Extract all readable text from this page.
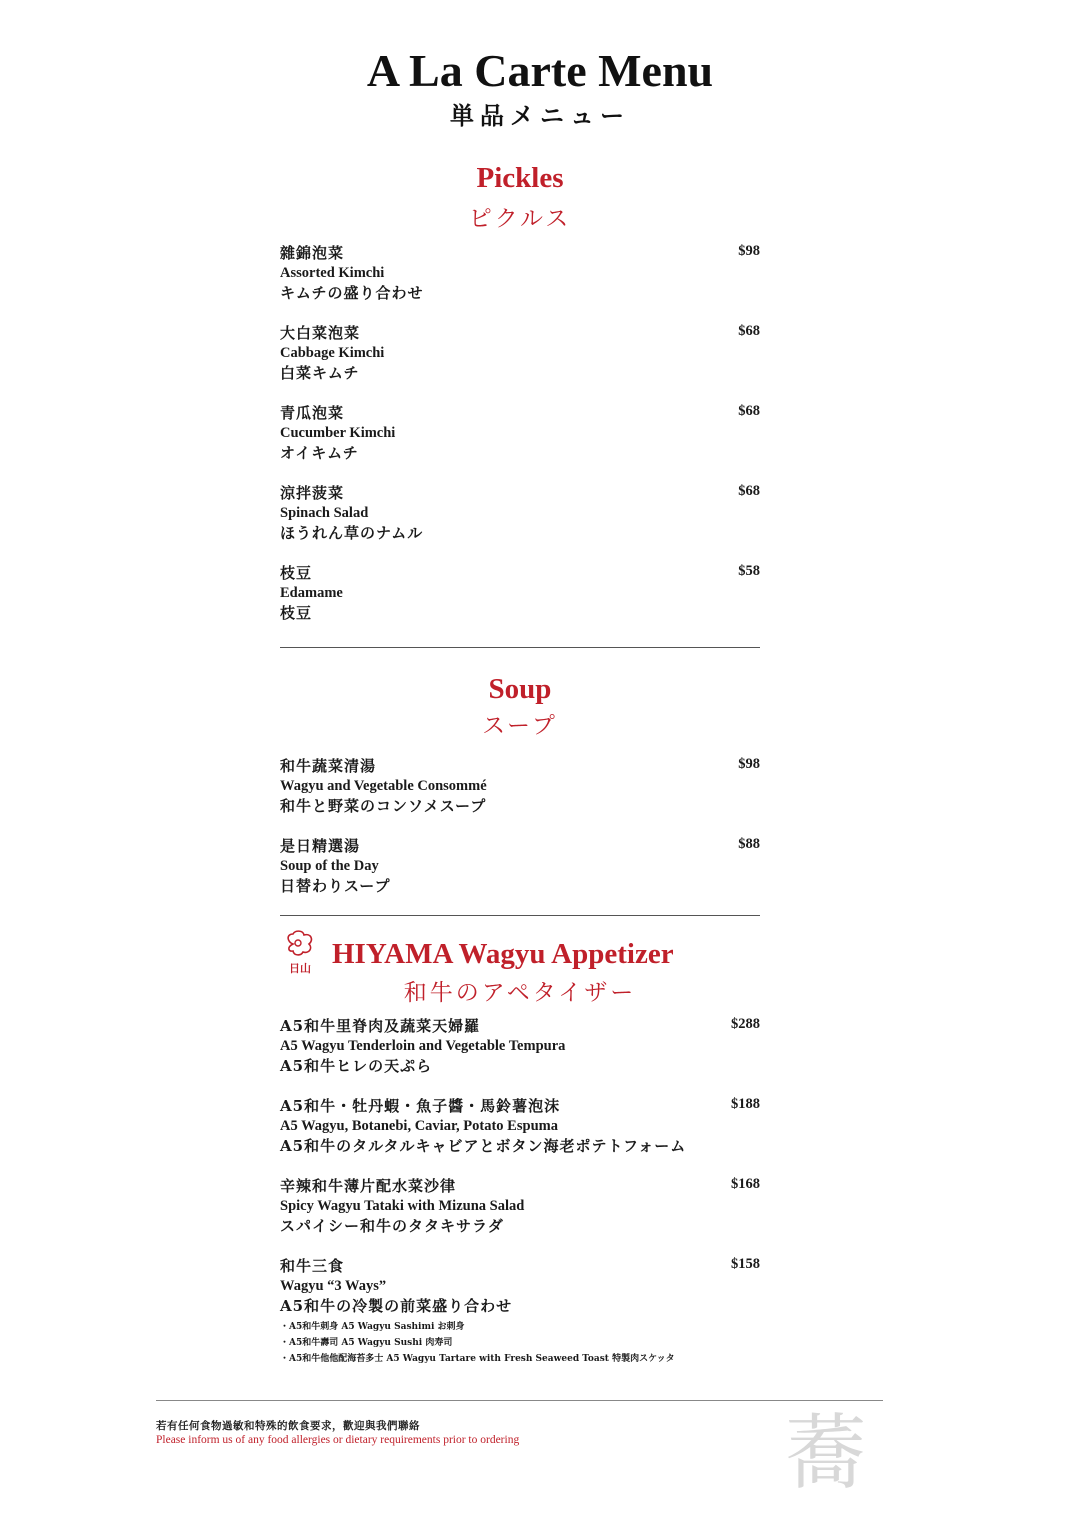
A La Carte Menu
単品メニュー
Pickles
ピクルス
雜錦泡菜
Assorted Kimchi
キムチの盛り合わせ
$98
大白菜泡菜
Cabbage Kimchi
白菜キムチ
$68
青瓜泡菜
Cucumber Kimchi
オイキムチ
$68
涼拌菠菜
Spinach Salad
ほうれん草のナムル
$68
枝豆
Edamame
枝豆
$58
Soup
スープ
和牛蔬菜清湯
Wagyu and Vegetable Consommé
和牛と野菜のコンソメスープ
$98
是日精選湯
Soup of the Day
日替わりスープ
$88
日山 HIYAMA Wagyu Appetizer
和牛のアペタイザー
A5和牛里脊肉及蔬菜天婦羅
A5 Wagyu Tenderloin and Vegetable Tempura
A5和牛ヒレの天ぷら
$288
A5和牛・牡丹蝦・魚子醬・馬鈴薯泡沫
A5 Wagyu, Botanebi, Caviar, Potato Espuma
A5和牛のタルタルキャビアとボタン海老ポテトフォーム
$188
辛辣和牛薄片配水菜沙律
Spicy Wagyu Tataki with Mizuna Salad
スパイシー和牛のタタキサラダ
$168
和牛三食
Wagyu “3 Ways”
A5和牛の冷製の前菜盛り合わせ
$158
・A5和牛刺身 A5 Wagyu Sashimi お刺身
・A5和牛壽司 A5 Wagyu Sushi 肉寿司
・A5和牛他他配海苔多士 A5 Wagyu Tartare with Fresh Seaweed Toast 特製肉スケッタ
若有任何食物過敏和特殊的飲食要求，歡迎與我們聯絡
Please inform us of any food allergies or dietary requirements prior to ordering	蕎
